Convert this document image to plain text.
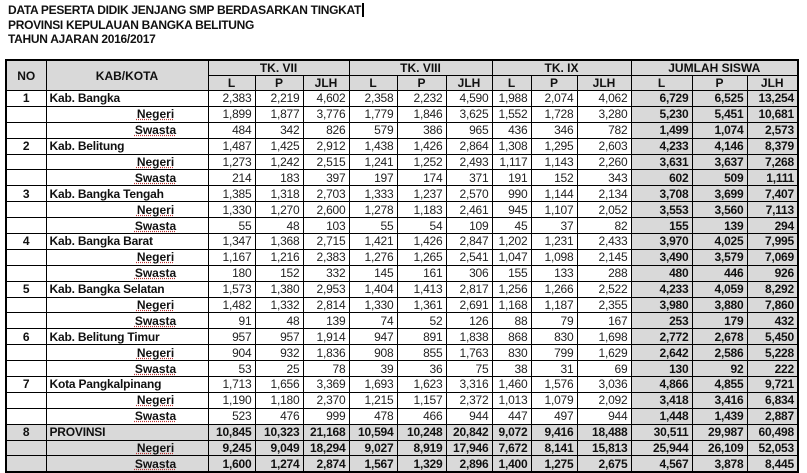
DATA PESERTA DIDIK JENJANG SMP BERDASARKAN TINGKAT
PROVINSI KEPULAUAN BANGKA BELITUNG
TAHUN AJARAN 2016/2017
NO	KAB/KOTA	TK. VII			TK. VIII			TK. IX			JUMLAH SISWA		
		L	P	JLH	L	P	JLH	L	P	JLH	L	P	JLH
1	Kab. Bangka	2,383	2,219	4,602	2,358	2,232	4,590	1,988	2,074	4,062	6,729	6,525	13,254
	Negeri	1,899	1,877	3,776	1,779	1,846	3,625	1,552	1,728	3,280	5,230	5,451	10,681
	Swasta	484	342	826	579	386	965	436	346	782	1,499	1,074	2,573
2	Kab. Belitung	1,487	1,425	2,912	1,438	1,426	2,864	1,308	1,295	2,603	4,233	4,146	8,379
	Negeri	1,273	1,242	2,515	1,241	1,252	2,493	1,117	1,143	2,260	3,631	3,637	7,268
	Swasta	214	183	397	197	174	371	191	152	343	602	509	1,111
3	Kab. Bangka Tengah	1,385	1,318	2,703	1,333	1,237	2,570	990	1,144	2,134	3,708	3,699	7,407
	Negeri	1,330	1,270	2,600	1,278	1,183	2,461	945	1,107	2,052	3,553	3,560	7,113
	Swasta	55	48	103	55	54	109	45	37	82	155	139	294
4	Kab. Bangka Barat	1,347	1,368	2,715	1,421	1,426	2,847	1,202	1,231	2,433	3,970	4,025	7,995
	Negeri	1,167	1,216	2,383	1,276	1,265	2,541	1,047	1,098	2,145	3,490	3,579	7,069
	Swasta	180	152	332	145	161	306	155	133	288	480	446	926
5	Kab. Bangka Selatan	1,573	1,380	2,953	1,404	1,413	2,817	1,256	1,266	2,522	4,233	4,059	8,292
	Negeri	1,482	1,332	2,814	1,330	1,361	2,691	1,168	1,187	2,355	3,980	3,880	7,860
	Swasta	91	48	139	74	52	126	88	79	167	253	179	432
6	Kab. Belitung Timur	957	957	1,914	947	891	1,838	868	830	1,698	2,772	2,678	5,450
	Negeri	904	932	1,836	908	855	1,763	830	799	1,629	2,642	2,586	5,228
	Swasta	53	25	78	39	36	75	38	31	69	130	92	222
7	Kota Pangkalpinang	1,713	1,656	3,369	1,693	1,623	3,316	1,460	1,576	3,036	4,866	4,855	9,721
	Negeri	1,190	1,180	2,370	1,215	1,157	2,372	1,013	1,079	2,092	3,418	3,416	6,834
	Swasta	523	476	999	478	466	944	447	497	944	1,448	1,439	2,887
8	PROVINSI	10,845	10,323	21,168	10,594	10,248	20,842	9,072	9,416	18,488	30,511	29,987	60,498
	Negeri	9,245	9,049	18,294	9,027	8,919	17,946	7,672	8,141	15,813	25,944	26,109	52,053
	Swasta	1,600	1,274	2,874	1,567	1,329	2,896	1,400	1,275	2,675	4,567	3,878	8,445
